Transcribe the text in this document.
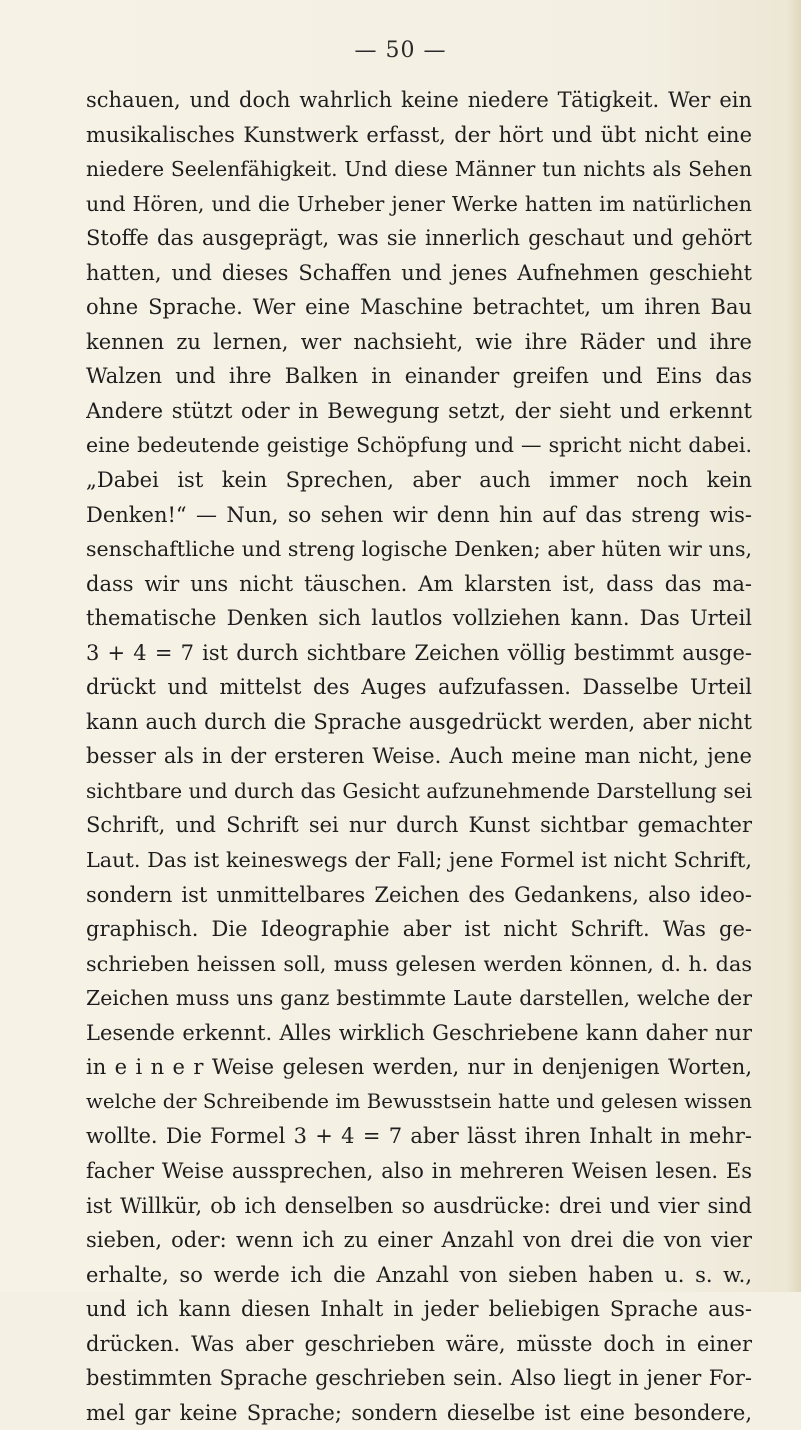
— 50 —

schauen, und doch wahrlich keine niedere Tätigkeit. Wer ein
musikalisches Kunstwerk erfasst, der hört und übt nicht eine
niedere Seelenfähigkeit. Und diese Männer tun nichts als Sehen
und Hören, und die Urheber jener Werke hatten im natürlichen
Stoffe das ausgeprägt, was sie innerlich geschaut und gehört
hatten, und dieses Schaffen und jenes Aufnehmen geschieht
ohne Sprache. Wer eine Maschine betrachtet, um ihren Bau
kennen zu lernen, wer nachsieht, wie ihre Räder und ihre
Walzen und ihre Balken in einander greifen und Eins das
Andere stützt oder in Bewegung setzt, der sieht und erkennt
eine bedeutende geistige Schöpfung und — spricht nicht dabei.
„Dabei ist kein Sprechen, aber auch immer noch kein
Denken!“ — Nun, so sehen wir denn hin auf das streng wis-
senschaftliche und streng logische Denken; aber hüten wir uns,
dass wir uns nicht täuschen. Am klarsten ist, dass das ma-
thematische Denken sich lautlos vollziehen kann. Das Urteil
3 + 4 = 7 ist durch sichtbare Zeichen völlig bestimmt ausge-
drückt und mittelst des Auges aufzufassen. Dasselbe Urteil
kann auch durch die Sprache ausgedrückt werden, aber nicht
besser als in der ersteren Weise. Auch meine man nicht, jene
sichtbare und durch das Gesicht aufzunehmende Darstellung sei
Schrift, und Schrift sei nur durch Kunst sichtbar gemachter
Laut. Das ist keineswegs der Fall; jene Formel ist nicht Schrift,
sondern ist unmittelbares Zeichen des Gedankens, also ideo-
graphisch. Die Ideographie aber ist nicht Schrift. Was ge-
schrieben heissen soll, muss gelesen werden können, d. h. das
Zeichen muss uns ganz bestimmte Laute darstellen, welche der
Lesende erkennt. Alles wirklich Geschriebene kann daher nur
in e i n e r Weise gelesen werden, nur in denjenigen Worten,
welche der Schreibende im Bewusstsein hatte und gelesen wissen
wollte. Die Formel 3 + 4 = 7 aber lässt ihren Inhalt in mehr-
facher Weise aussprechen, also in mehreren Weisen lesen. Es
ist Willkür, ob ich denselben so ausdrücke: drei und vier sind
sieben, oder: wenn ich zu einer Anzahl von drei die von vier
erhalte, so werde ich die Anzahl von sieben haben u. s. w.,
und ich kann diesen Inhalt in jeder beliebigen Sprache aus-
drücken. Was aber geschrieben wäre, müsste doch in einer
bestimmten Sprache geschrieben sein. Also liegt in jener For-
mel gar keine Sprache; sondern dieselbe ist eine besondere,
